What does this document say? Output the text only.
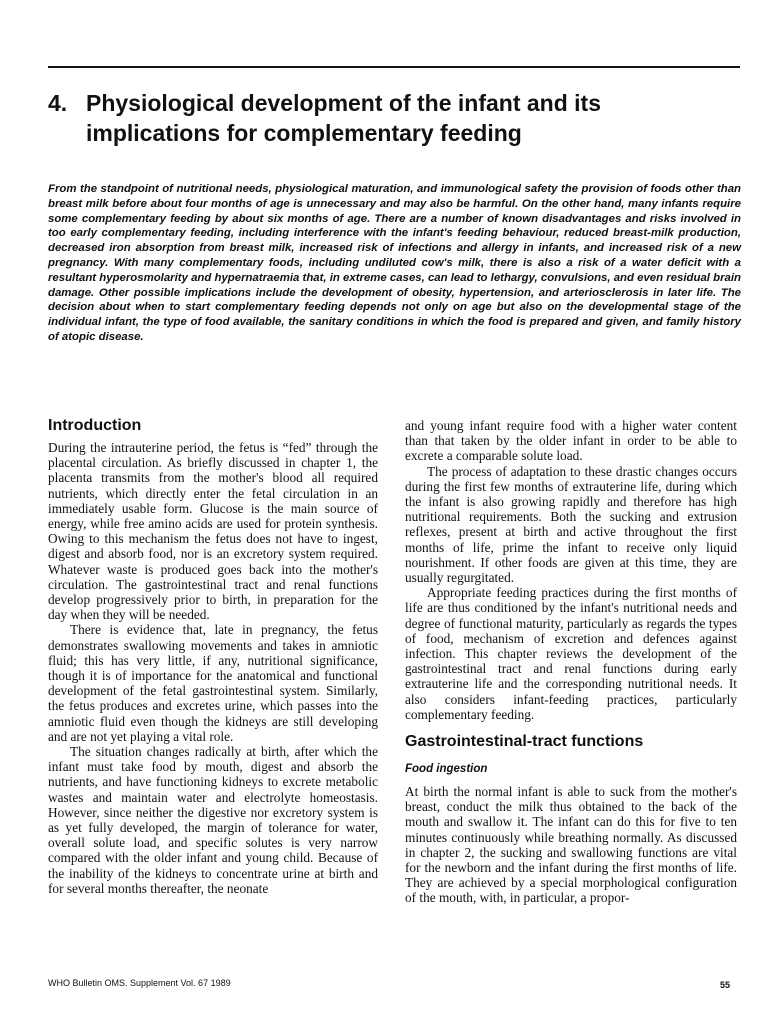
4. Physiological development of the infant and its implications for complementary feeding

From the standpoint of nutritional needs, physiological maturation, and immunological safety the provision of foods other than breast milk before about four months of age is unnecessary and may also be harmful. On the other hand, many infants require some complementary feeding by about six months of age. There are a number of known disadvantages and risks involved in too early complementary feeding, including interference with the infant's feeding behaviour, reduced breast-milk production, decreased iron absorption from breast milk, increased risk of infections and allergy in infants, and increased risk of a new pregnancy. With many complementary foods, including undiluted cow's milk, there is also a risk of a water deficit with a resultant hyperosmolarity and hypernatraemia that, in extreme cases, can lead to lethargy, convulsions, and even residual brain damage. Other possible implications include the development of obesity, hypertension, and arteriosclerosis in later life. The decision about when to start complementary feeding depends not only on age but also on the developmental stage of the individual infant, the type of food available, the sanitary conditions in which the food is prepared and given, and family history of atopic disease.

Introduction

During the intrauterine period, the fetus is “fed” through the placental circulation. As briefly discussed in chapter 1, the placenta transmits from the mother's blood all required nutrients, which directly enter the fetal circulation in an immediately usable form. Glucose is the main source of energy, while free amino acids are used for protein synthesis. Owing to this mechanism the fetus does not have to ingest, digest and absorb food, nor is an excretory system required. Whatever waste is produced goes back into the mother's circulation. The gastrointestinal tract and renal functions develop progressively prior to birth, in preparation for the day when they will be needed.

There is evidence that, late in pregnancy, the fetus demonstrates swallowing movements and takes in amniotic fluid; this has very little, if any, nutritional significance, though it is of importance for the anatomical and functional development of the fetal gastrointestinal system. Similarly, the fetus produces and excretes urine, which passes into the amniotic fluid even though the kidneys are still developing and are not yet playing a vital role.

The situation changes radically at birth, after which the infant must take food by mouth, digest and absorb the nutrients, and have functioning kidneys to excrete metabolic wastes and maintain water and electrolyte homeostasis. However, since neither the digestive nor excretory system is as yet fully developed, the margin of tolerance for water, overall solute load, and specific solutes is very narrow compared with the older infant and young child. Because of the inability of the kidneys to concentrate urine at birth and for several months thereafter, the neonate

and young infant require food with a higher water content than that taken by the older infant in order to be able to excrete a comparable solute load.

The process of adaptation to these drastic changes occurs during the first few months of extrauterine life, during which the infant is also growing rapidly and therefore has high nutritional requirements. Both the sucking and extrusion reflexes, present at birth and active throughout the first months of life, prime the infant to receive only liquid nourishment. If other foods are given at this time, they are usually regurgitated.

Appropriate feeding practices during the first months of life are thus conditioned by the infant's nutritional needs and degree of functional maturity, particularly as regards the types of food, mechanism of excretion and defences against infection. This chapter reviews the development of the gastrointestinal tract and renal functions during early extrauterine life and the corresponding nutritional needs. It also considers infant-feeding practices, particularly complementary feeding.

Gastrointestinal-tract functions
Food ingestion

At birth the normal infant is able to suck from the mother's breast, conduct the milk thus obtained to the back of the mouth and swallow it. The infant can do this for five to ten minutes continuously while breathing normally. As discussed in chapter 2, the sucking and swallowing functions are vital for the newborn and the infant during the first months of life. They are achieved by a special morphological configuration of the mouth, with, in particular, a propor-

WHO Bulletin OMS. Supplement Vol. 67 1989	55
